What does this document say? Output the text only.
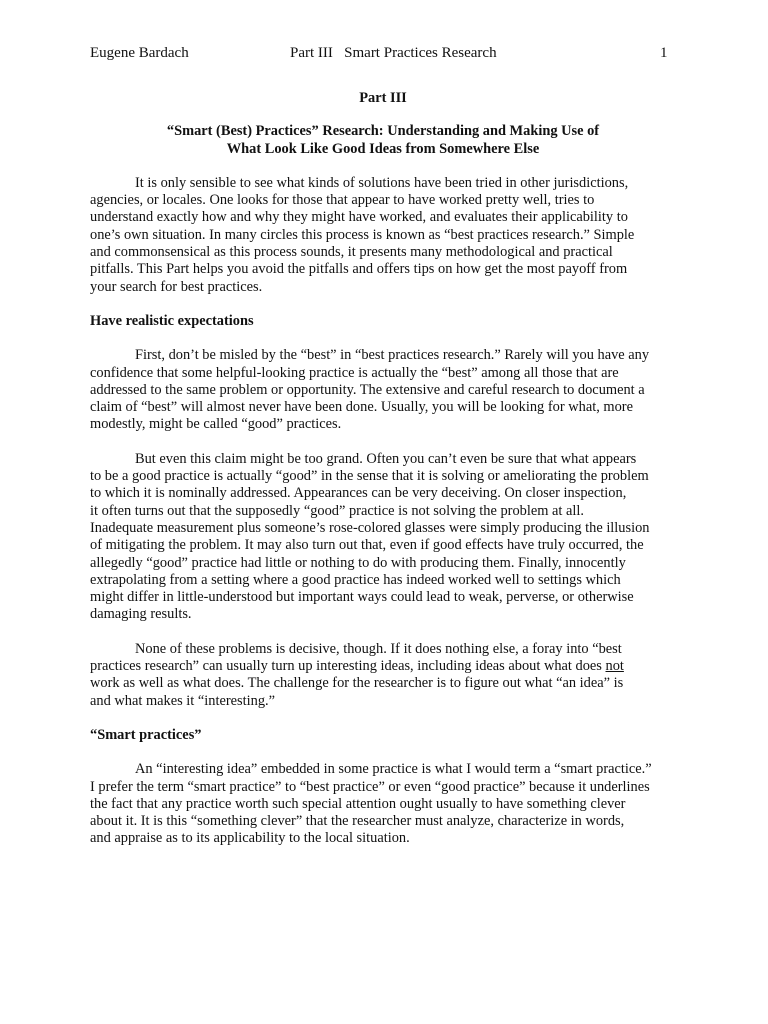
Eugene Bardach	Part III   Smart Practices Research	1
Part III
“Smart (Best) Practices” Research: Understanding and Making Use of
What Look Like Good Ideas from Somewhere Else
It is only sensible to see what kinds of solutions have been tried in other jurisdictions,
agencies, or locales. One looks for those that appear to have worked pretty well, tries to
understand exactly how and why they might have worked, and evaluates their applicability to
one’s own situation. In many circles this process is known as “best practices research.” Simple
and commonsensical as this process sounds, it presents many methodological and practical
pitfalls. This Part helps you avoid the pitfalls and offers tips on how get the most payoff from
your search for best practices.
Have realistic expectations
First, don’t be misled by the “best” in “best practices research.” Rarely will you have any
confidence that some helpful-looking practice is actually the “best” among all those that are
addressed to the same problem or opportunity. The extensive and careful research to document a
claim of “best” will almost never have been done. Usually, you will be looking for what, more
modestly, might be called “good” practices.
But even this claim might be too grand. Often you can’t even be sure that what appears
to be a good practice is actually “good” in the sense that it is solving or ameliorating the problem
to which it is nominally addressed. Appearances can be very deceiving. On closer inspection,
it often turns out that the supposedly “good” practice is not solving the problem at all.
Inadequate measurement plus someone’s rose-colored glasses were simply producing the illusion
of mitigating the problem. It may also turn out that, even if good effects have truly occurred, the
allegedly “good” practice had little or nothing to do with producing them. Finally, innocently
extrapolating from a setting where a good practice has indeed worked well to settings which
might differ in little-understood but important ways could lead to weak, perverse, or otherwise
damaging results.
None of these problems is decisive, though. If it does nothing else, a foray into “best
practices research” can usually turn up interesting ideas, including ideas about what does not
work as well as what does. The challenge for the researcher is to figure out what “an idea” is
and what makes it “interesting.”
“Smart practices”
An “interesting idea” embedded in some practice is what I would term a “smart practice.”
I prefer the term “smart practice” to “best practice” or even “good practice” because it underlines
the fact that any practice worth such special attention ought usually to have something clever
about it. It is this “something clever” that the researcher must analyze, characterize in words,
and appraise as to its applicability to the local situation.
